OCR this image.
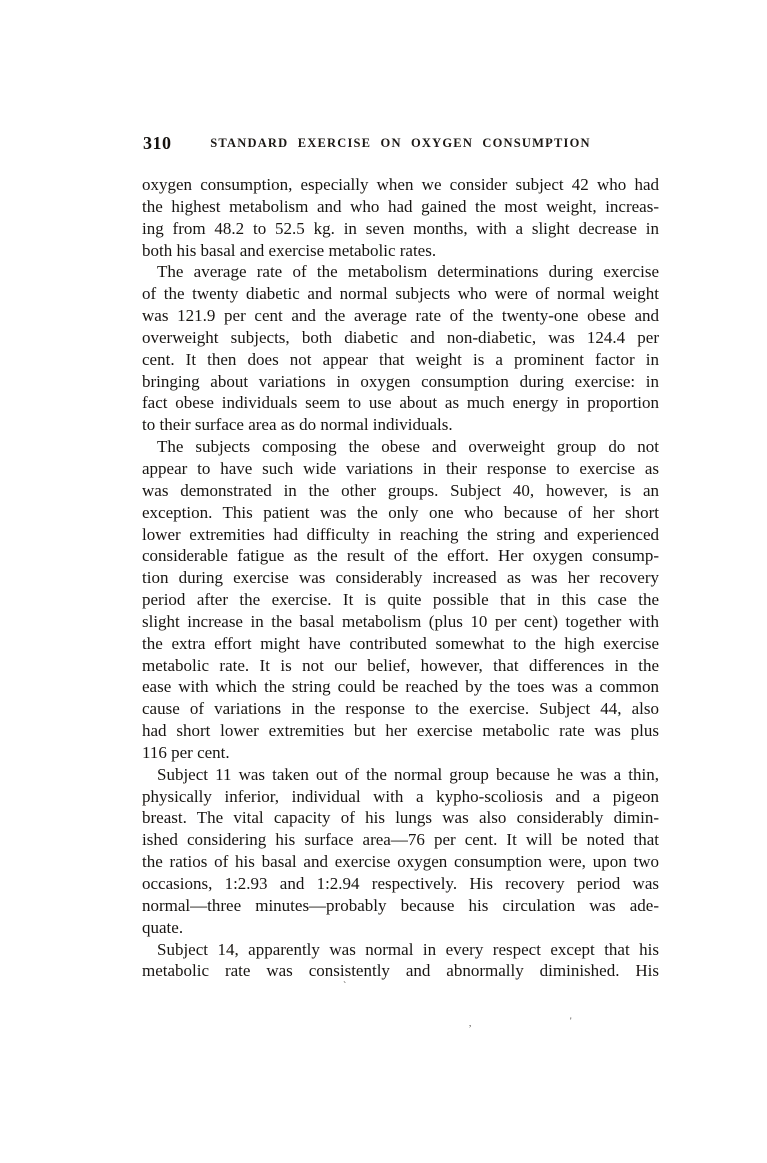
310	STANDARD EXERCISE ON OXYGEN CONSUMPTION
oxygen consumption, especially when we consider subject 42 who had
the highest metabolism and who had gained the most weight, increas-
ing from 48.2 to 52.5 kg. in seven months, with a slight decrease in
both his basal and exercise metabolic rates.
The average rate of the metabolism determinations during exercise
of the twenty diabetic and normal subjects who were of normal weight
was 121.9 per cent and the average rate of the twenty-one obese and
overweight subjects, both diabetic and non-diabetic, was 124.4 per
cent. It then does not appear that weight is a prominent factor in
bringing about variations in oxygen consumption during exercise: in
fact obese individuals seem to use about as much energy in proportion
to their surface area as do normal individuals.
The subjects composing the obese and overweight group do not
appear to have such wide variations in their response to exercise as
was demonstrated in the other groups. Subject 40, however, is an
exception. This patient was the only one who because of her short
lower extremities had difficulty in reaching the string and experienced
considerable fatigue as the result of the effort. Her oxygen consump-
tion during exercise was considerably increased as was her recovery
period after the exercise. It is quite possible that in this case the
slight increase in the basal metabolism (plus 10 per cent) together with
the extra effort might have contributed somewhat to the high exercise
metabolic rate. It is not our belief, however, that differences in the
ease with which the string could be reached by the toes was a common
cause of variations in the response to the exercise. Subject 44, also
had short lower extremities but her exercise metabolic rate was plus
116 per cent.
Subject 11 was taken out of the normal group because he was a thin,
physically inferior, individual with a kypho-scoliosis and a pigeon
breast. The vital capacity of his lungs was also considerably dimin-
ished considering his surface area—76 per cent. It will be noted that
the ratios of his basal and exercise oxygen consumption were, upon two
occasions, 1:2.93 and 1:2.94 respectively. His recovery period was
normal—three minutes—probably because his circulation was ade-
quate.
Subject 14, apparently was normal in every respect except that his
metabolic rate was consistently and abnormally diminished. His
`
,	'
